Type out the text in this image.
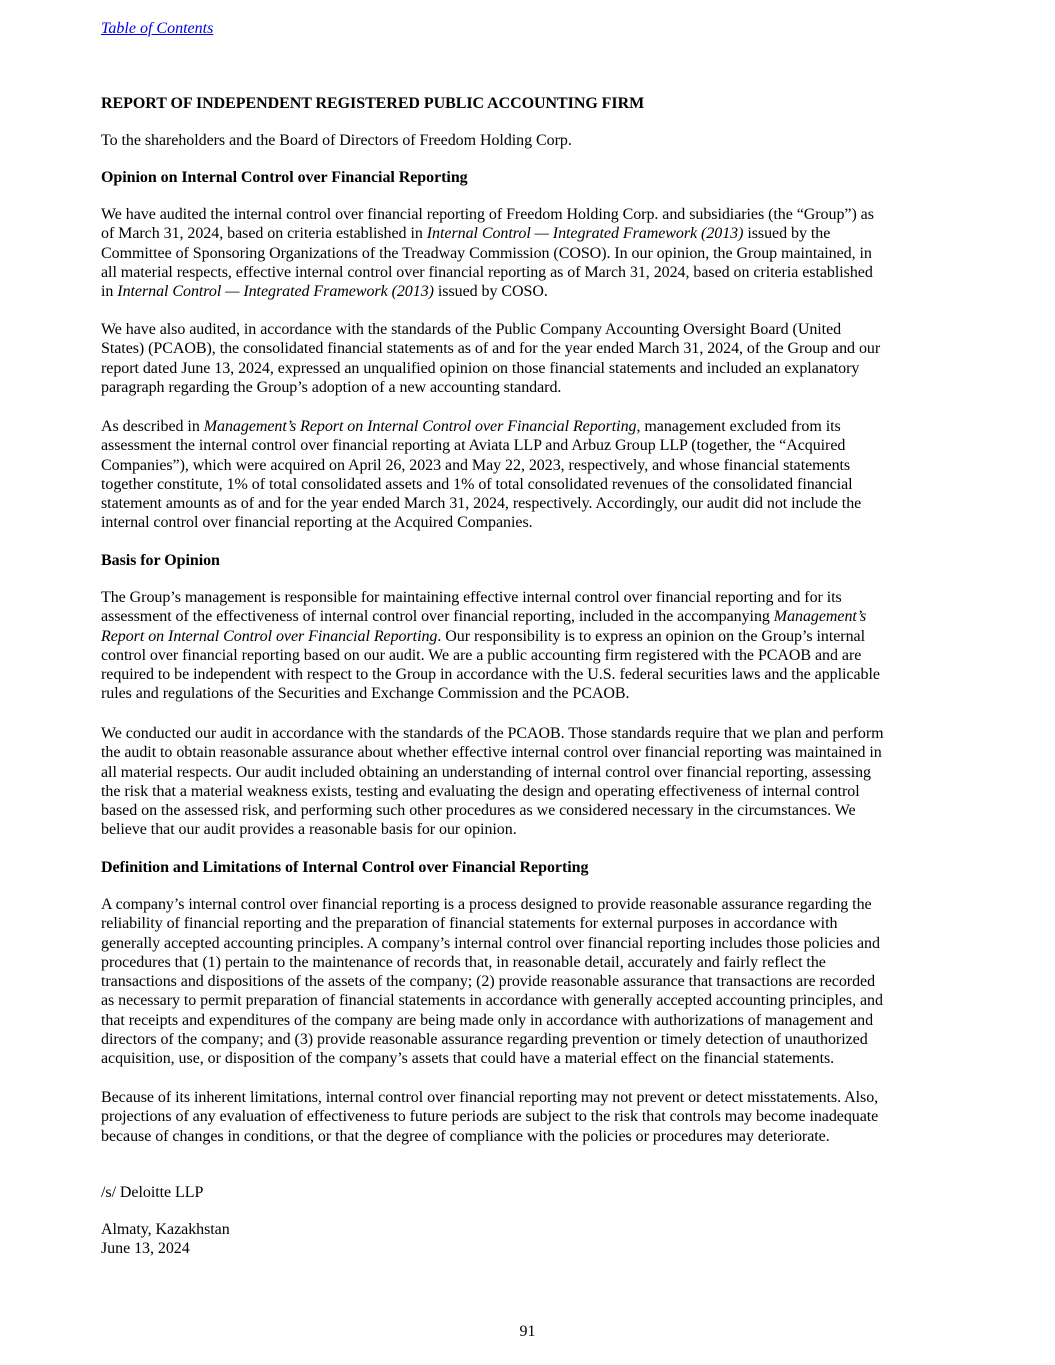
Table of Contents
REPORT OF INDEPENDENT REGISTERED PUBLIC ACCOUNTING FIRM
To the shareholders and the Board of Directors of Freedom Holding Corp.
Opinion on Internal Control over Financial Reporting
We have audited the internal control over financial reporting of Freedom Holding Corp. and subsidiaries (the “Group”) as
of March 31, 2024, based on criteria established in Internal Control — Integrated Framework (2013) issued by the
Committee of Sponsoring Organizations of the Treadway Commission (COSO). In our opinion, the Group maintained, in
all material respects, effective internal control over financial reporting as of March 31, 2024, based on criteria established
in Internal Control — Integrated Framework (2013) issued by COSO.
We have also audited, in accordance with the standards of the Public Company Accounting Oversight Board (United
States) (PCAOB), the consolidated financial statements as of and for the year ended March 31, 2024, of the Group and our
report dated June 13, 2024, expressed an unqualified opinion on those financial statements and included an explanatory
paragraph regarding the Group’s adoption of a new accounting standard.
As described in Management’s Report on Internal Control over Financial Reporting, management excluded from its
assessment the internal control over financial reporting at Aviata LLP and Arbuz Group LLP (together, the “Acquired
Companies”), which were acquired on April 26, 2023 and May 22, 2023, respectively, and whose financial statements
together constitute, 1% of total consolidated assets and 1% of total consolidated revenues of the consolidated financial
statement amounts as of and for the year ended March 31, 2024, respectively. Accordingly, our audit did not include the
internal control over financial reporting at the Acquired Companies.
Basis for Opinion
The Group’s management is responsible for maintaining effective internal control over financial reporting and for its
assessment of the effectiveness of internal control over financial reporting, included in the accompanying Management’s
Report on Internal Control over Financial Reporting. Our responsibility is to express an opinion on the Group’s internal
control over financial reporting based on our audit. We are a public accounting firm registered with the PCAOB and are
required to be independent with respect to the Group in accordance with the U.S. federal securities laws and the applicable
rules and regulations of the Securities and Exchange Commission and the PCAOB.
We conducted our audit in accordance with the standards of the PCAOB. Those standards require that we plan and perform
the audit to obtain reasonable assurance about whether effective internal control over financial reporting was maintained in
all material respects. Our audit included obtaining an understanding of internal control over financial reporting, assessing
the risk that a material weakness exists, testing and evaluating the design and operating effectiveness of internal control
based on the assessed risk, and performing such other procedures as we considered necessary in the circumstances. We
believe that our audit provides a reasonable basis for our opinion.
Definition and Limitations of Internal Control over Financial Reporting
A company’s internal control over financial reporting is a process designed to provide reasonable assurance regarding the
reliability of financial reporting and the preparation of financial statements for external purposes in accordance with
generally accepted accounting principles. A company’s internal control over financial reporting includes those policies and
procedures that (1) pertain to the maintenance of records that, in reasonable detail, accurately and fairly reflect the
transactions and dispositions of the assets of the company; (2) provide reasonable assurance that transactions are recorded
as necessary to permit preparation of financial statements in accordance with generally accepted accounting principles, and
that receipts and expenditures of the company are being made only in accordance with authorizations of management and
directors of the company; and (3) provide reasonable assurance regarding prevention or timely detection of unauthorized
acquisition, use, or disposition of the company’s assets that could have a material effect on the financial statements.
Because of its inherent limitations, internal control over financial reporting may not prevent or detect misstatements. Also,
projections of any evaluation of effectiveness to future periods are subject to the risk that controls may become inadequate
because of changes in conditions, or that the degree of compliance with the policies or procedures may deteriorate.
/s/ Deloitte LLP
Almaty, Kazakhstan
June 13, 2024
91
